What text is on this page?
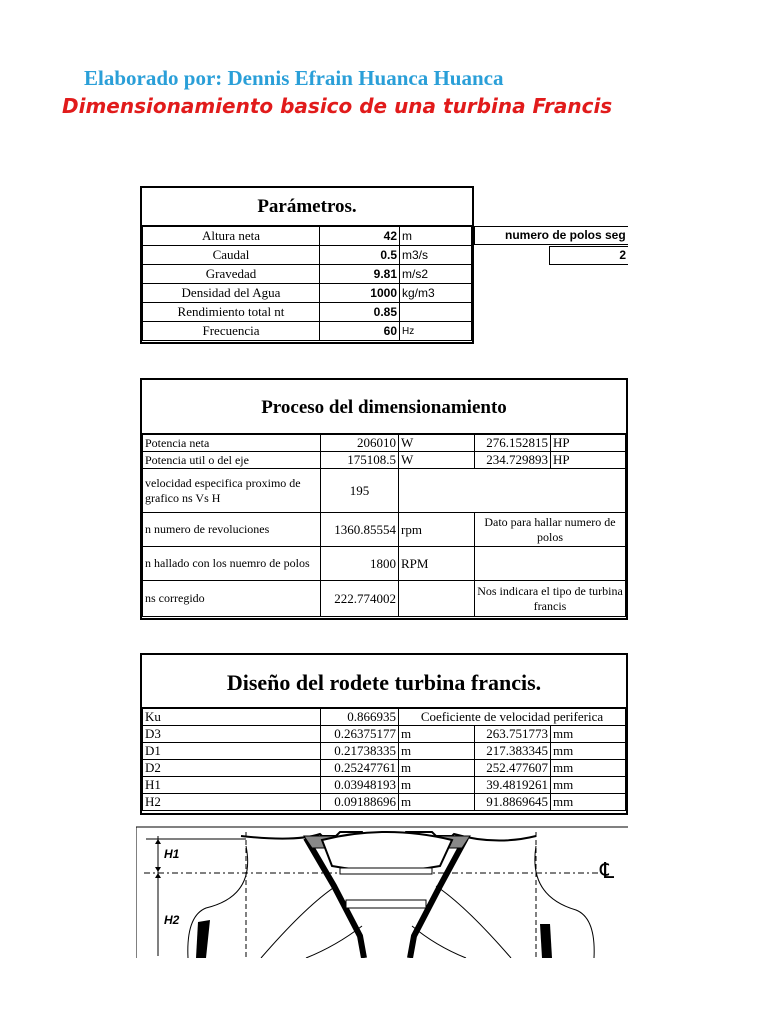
Elaborado por: Dennis Efrain Huanca Huanca
Dimensionamiento basico de una turbina Francis
Parámetros.
Altura neta	42	m
Caudal	0.5	m3/s
Gravedad	9.81	m/s2
Densidad del Agua	1000	kg/m3
Rendimiento total nt	0.85	
Frecuencia	60	Hz
numero de polos seg
2
Proceso del dimensionamiento
Potencia neta	206010	W	276.152815	HP
Potencia util o del eje	175108.5	W	234.729893	HP
velocidad especifica proximo de grafico ns Vs H	195			
n numero de revoluciones	1360.85554	rpm	Dato para hallar numero de polos	
n hallado con los nuemro de polos	1800	RPM		
ns corregido	222.774002		Nos indicara el tipo de turbina francis	
Diseño del rodete turbina francis.
Ku	0.866935	Coeficiente de velocidad periferica		
D3	0.26375177	m	263.751773	mm
D1	0.21738335	m	217.383345	mm
D2	0.25247761	m	252.477607	mm
H1	0.03948193	m	39.4819261	mm
H2	0.09188696	m	91.8869645	mm
H1
H2
℄
